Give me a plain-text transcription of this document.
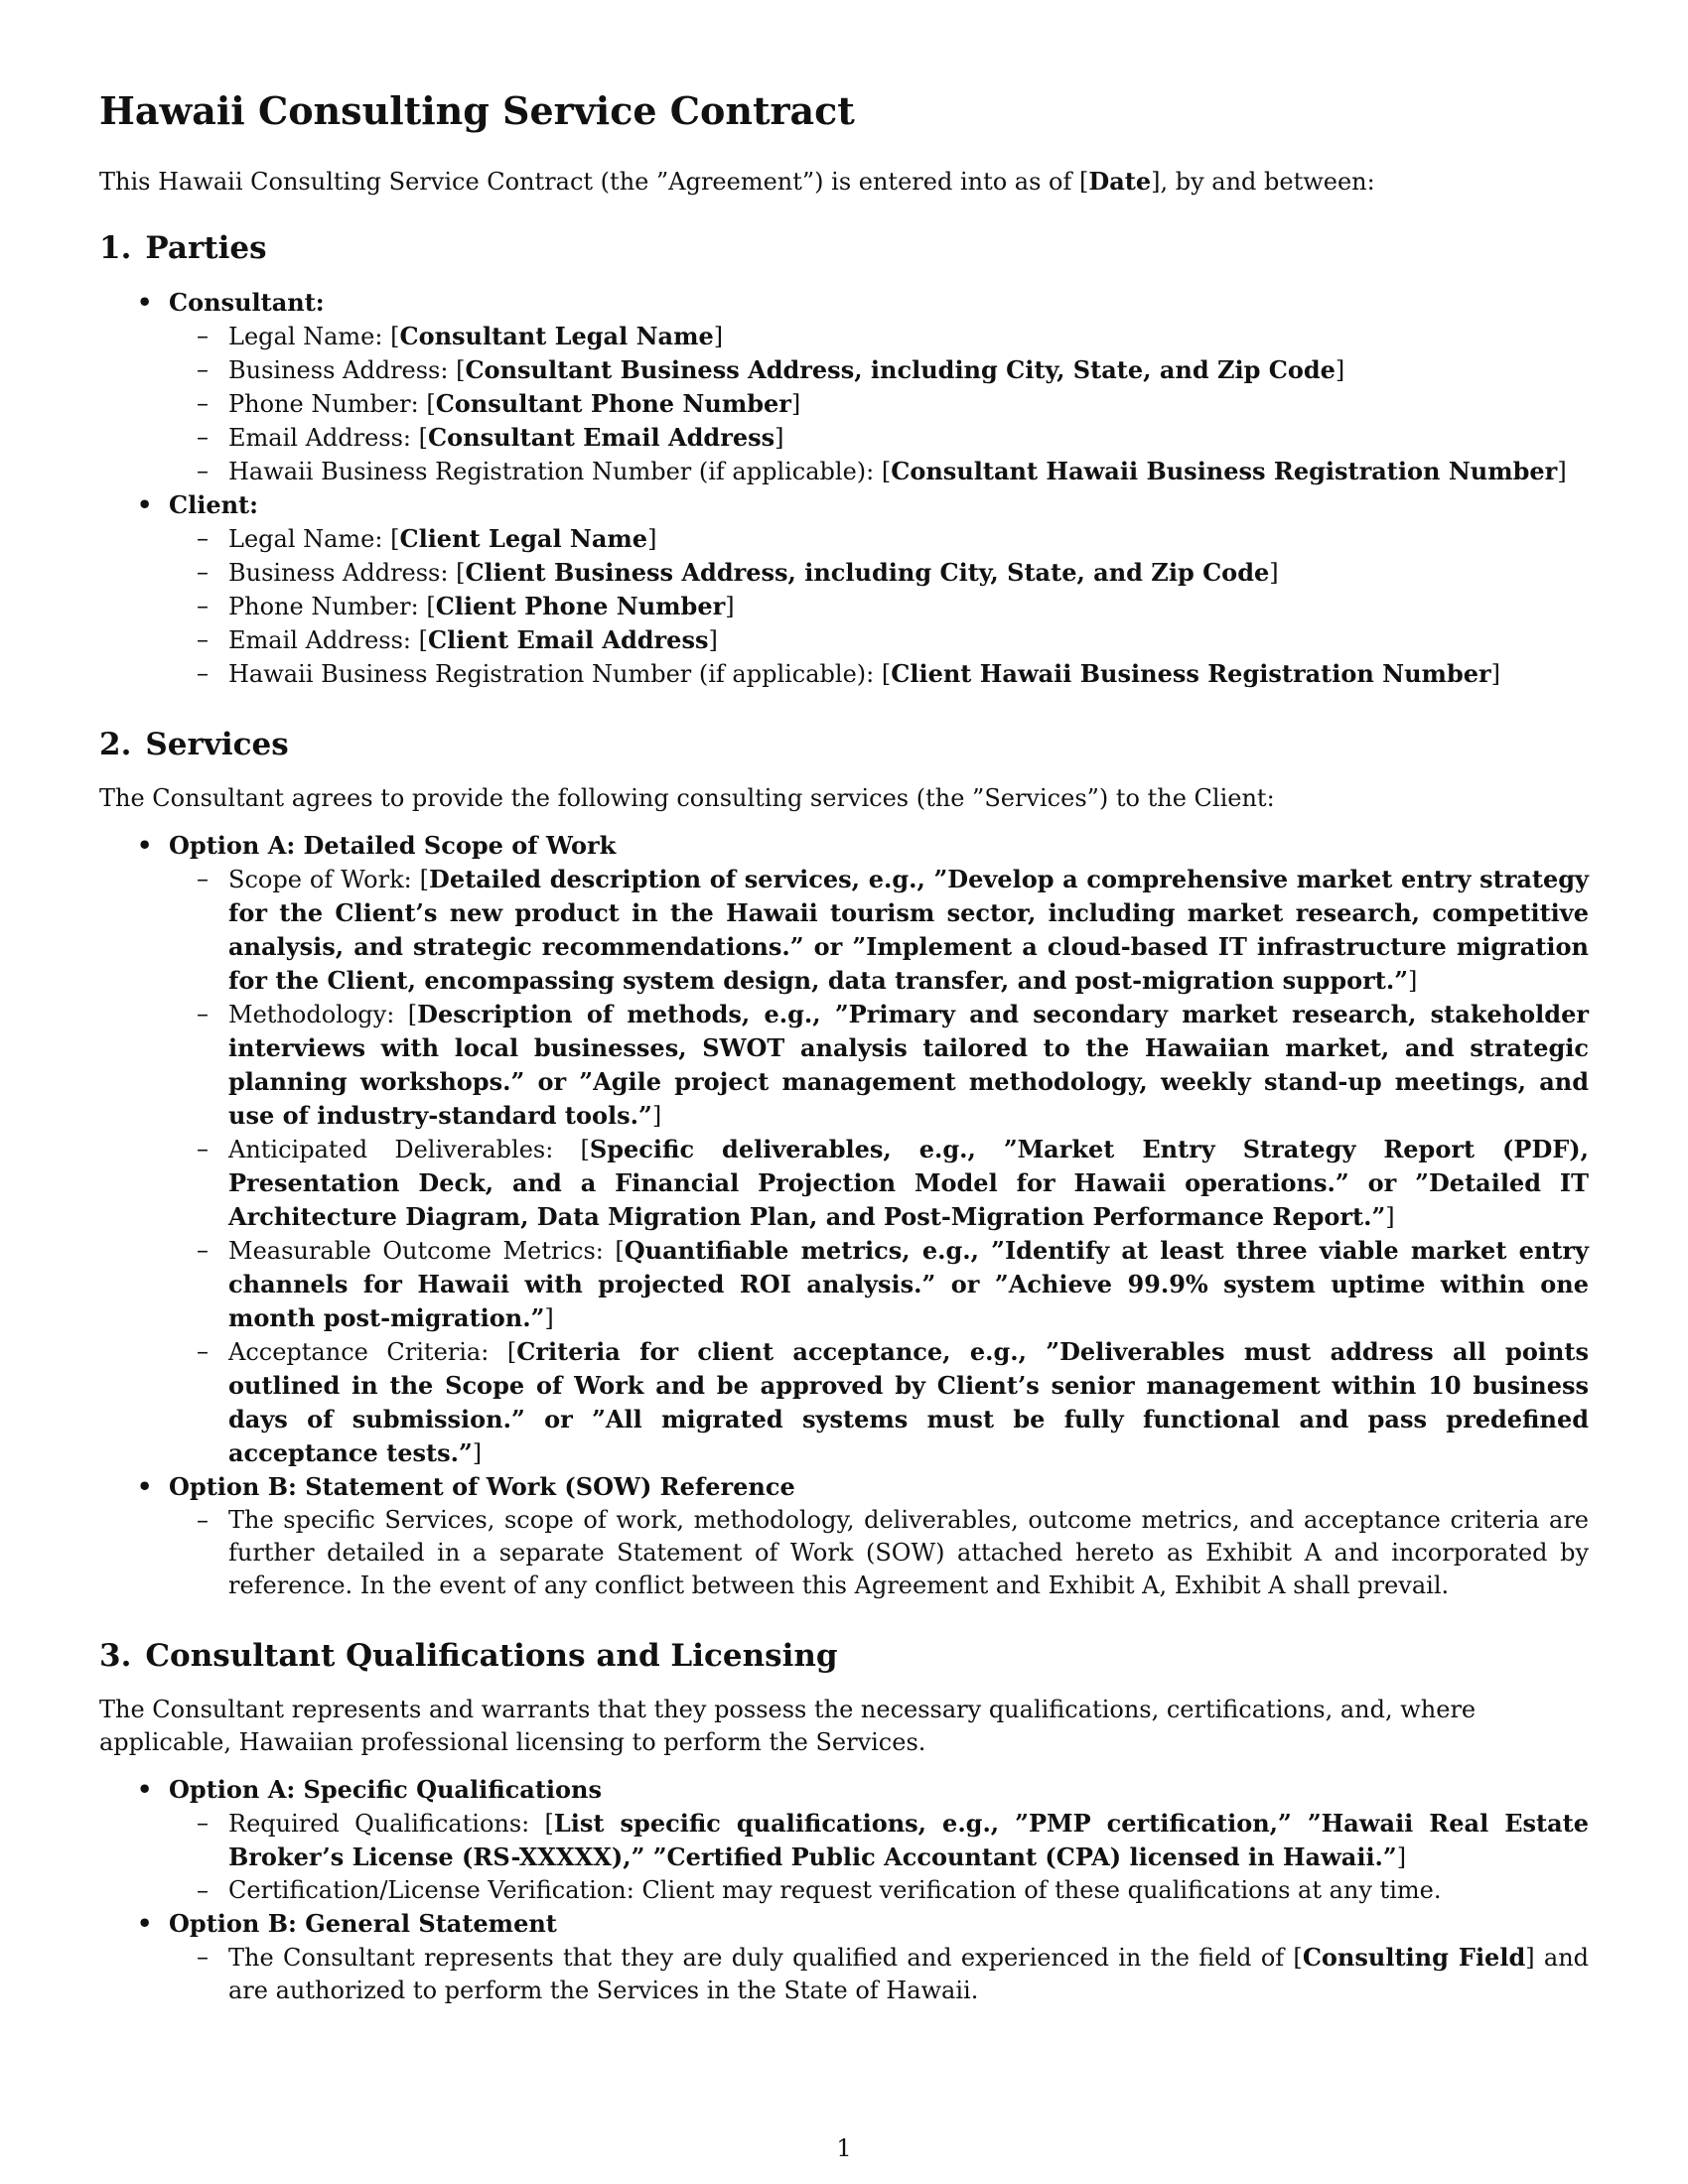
Hawaii Consulting Service Contract

This Hawaii Consulting Service Contract (the ”Agreement”) is entered into as of [Date], by and between:

1. Parties
• Consultant:
– Legal Name: [Consultant Legal Name]
– Business Address: [Consultant Business Address, including City, State, and Zip Code]
– Phone Number: [Consultant Phone Number]
– Email Address: [Consultant Email Address]
– Hawaii Business Registration Number (if applicable): [Consultant Hawaii Business Registration Number]
• Client:
– Legal Name: [Client Legal Name]
– Business Address: [Client Business Address, including City, State, and Zip Code]
– Phone Number: [Client Phone Number]
– Email Address: [Client Email Address]
– Hawaii Business Registration Number (if applicable): [Client Hawaii Business Registration Number]
2. Services

The Consultant agrees to provide the following consulting services (the ”Services”) to the Client:

• Option A: Detailed Scope of Work
– Scope of Work: [Detailed description of services, e.g., ”Develop a comprehensive market entry strategy for the Client’s new product in the Hawaii tourism sector, including market research, competitive analysis, and strategic recommendations.” or ”Implement a cloud-based IT infrastructure migration for the Client, encompassing system design, data transfer, and post-migration support.”]
– Methodology: [Description of methods, e.g., ”Primary and secondary market research, stakeholder interviews with local businesses, SWOT analysis tailored to the Hawaiian market, and strategic planning workshops.” or ”Agile project management methodology, weekly stand-up meetings, and use of industry-standard tools.”]
– Anticipated Deliverables: [Specific deliverables, e.g., ”Market Entry Strategy Report (PDF), Presentation Deck, and a Financial Projection Model for Hawaii operations.” or ”Detailed IT Architecture Diagram, Data Migration Plan, and Post-Migration Performance Report.”]
– Measurable Outcome Metrics: [Quantifiable metrics, e.g., ”Identify at least three viable market entry channels for Hawaii with projected ROI analysis.” or ”Achieve 99.9% system uptime within one month post-migration.”]
– Acceptance Criteria: [Criteria for client acceptance, e.g., ”Deliverables must address all points outlined in the Scope of Work and be approved by Client’s senior management within 10 business days of submission.” or ”All migrated systems must be fully functional and pass predefined acceptance tests.”]
• Option B: Statement of Work (SOW) Reference
– The specific Services, scope of work, methodology, deliverables, outcome metrics, and acceptance criteria are further detailed in a separate Statement of Work (SOW) attached hereto as Exhibit A and incorporated by reference. In the event of any conflict between this Agreement and Exhibit A, Exhibit A shall prevail.
3. Consultant Qualifications and Licensing

The Consultant represents and warrants that they possess the necessary qualifications, certifications, and, where applicable, Hawaiian professional licensing to perform the Services.

• Option A: Specific Qualifications
– Required Qualifications: [List specific qualifications, e.g., ”PMP certification,” ”Hawaii Real Estate Broker’s License (RS-XXXXX),” ”Certified Public Accountant (CPA) licensed in Hawaii.”]
– Certification/License Verification: Client may request verification of these qualifications at any time.
• Option B: General Statement
– The Consultant represents that they are duly qualified and experienced in the field of [Consulting Field] and are authorized to perform the Services in the State of Hawaii.
1
